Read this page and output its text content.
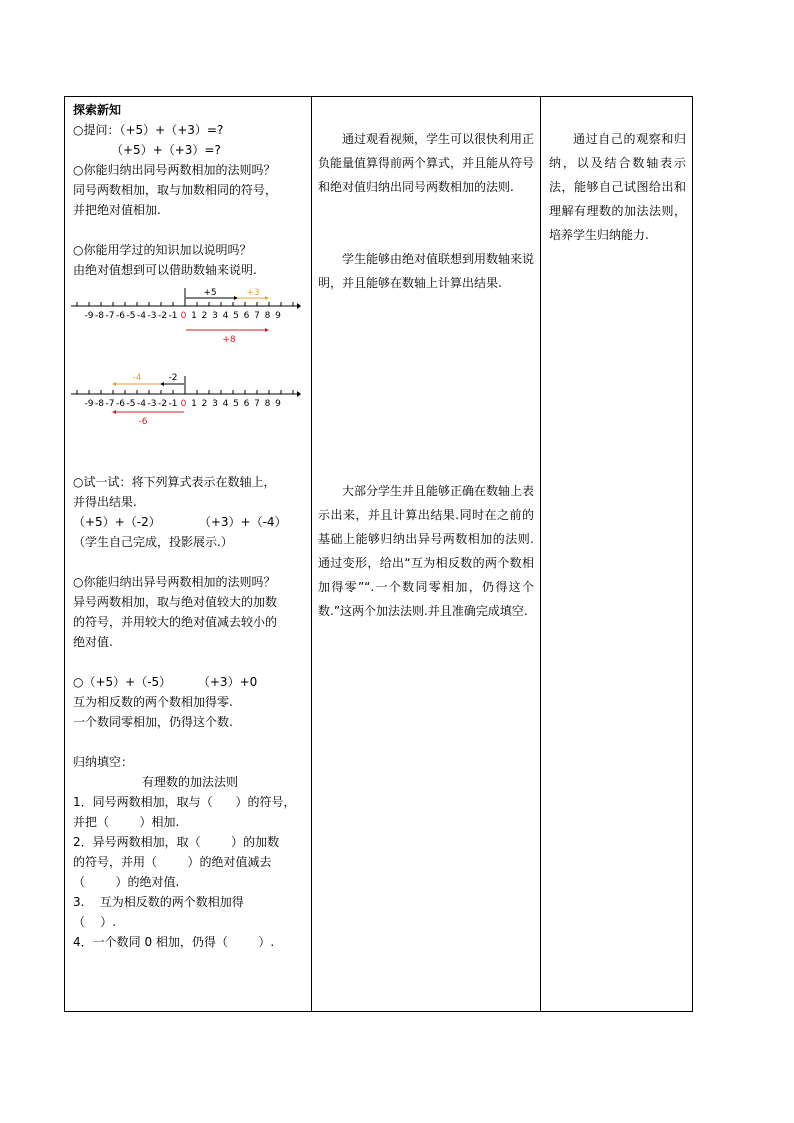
探索新知

○提问：（+5）+（+3）=?

（+5）+（+3）=?

○你能归纳出同号两数相加的法则吗？

同号两数相加，取与加数相同的符号，

并把绝对值相加.

○你能用学过的知识加以说明吗？

由绝对值想到可以借助数轴来说明.

+5	+3
+8
-9 -8 -7 -6 -5 -4 -3 -2 -1 0 1 2 3 4 5 6 7 8 9
-2
-4
-6
-9 -8 -7 -6 -5 -4 -3 -2 -1 0 1 2 3 4 5 6 7 8 9

○试一试：将下列算式表示在数轴上，

并得出结果.

（+5）+（-2）          （+3）+（-4）

（学生自己完成，投影展示.）

○你能归纳出异号两数相加的法则吗？

异号两数相加，取与绝对值较大的加数

的符号，并用较大的绝对值减去较小的

绝对值.

○（+5）+（-5）       （+3）+0

互为相反数的两个数相加得零.

一个数同零相加，仍得这个数.

归纳填空：

有理数的加法法则

1．同号两数相加，取与（      ）的符号，

并把（        ）相加.

2．异号两数相加，取（        ）的加数

的符号，并用（        ）的绝对值减去

（        ）的绝对值.

3.    互为相反数的两个数相加得

（    ）.

4．一个数同 0 相加，仍得（        ）.

通过观看视频，学生可以很快利用正负能量值算得前两个算式，并且能从符号和绝对值归纳出同号两数相加的法则.

学生能够由绝对值联想到用数轴来说明，并且能够在数轴上计算出结果.

大部分学生并且能够正确在数轴上表示出来，并且计算出结果.同时在之前的基础上能够归纳出异号两数相加的法则.通过变形，给出“互为相反数的两个数相加得零”“.一个数同零相加，仍得这个数.”这两个加法法则.并且准确完成填空.

通过自己的观察和归纳，以及结合数轴表示法，能够自己试图给出和理解有理数的加法法则，培养学生归纳能力.
